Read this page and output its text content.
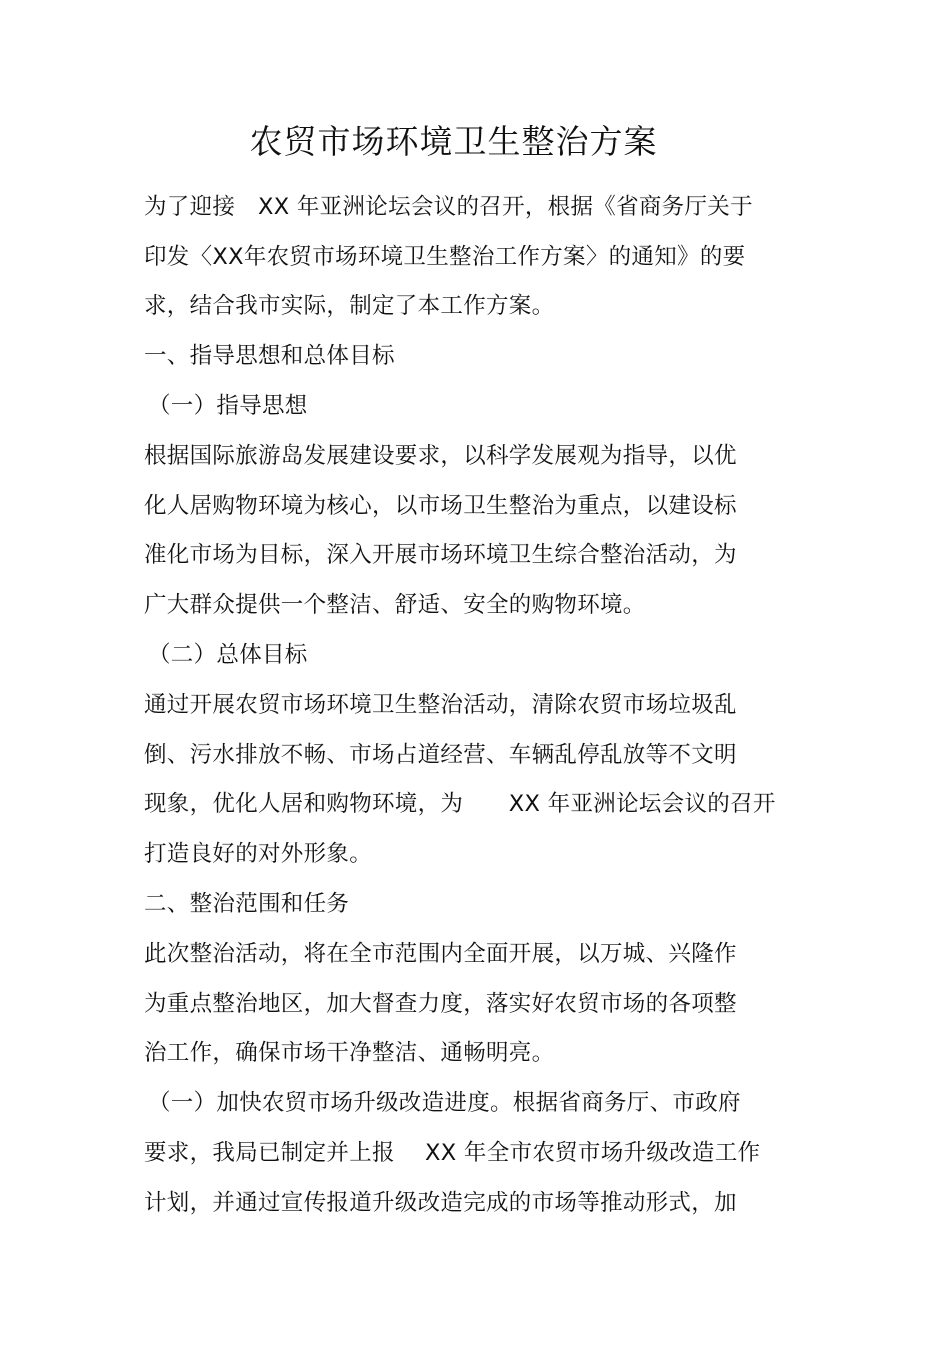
农贸市场环境卫生整治方案
为了迎接　XX 年亚洲论坛会议的召开，根据《省商务厅关于
印发〈XX年农贸市场环境卫生整治工作方案〉的通知》的要
求，结合我市实际，制定了本工作方案。
一、指导思想和总体目标
（一）指导思想
根据国际旅游岛发展建设要求，以科学发展观为指导，以优
化人居购物环境为核心，以市场卫生整治为重点，以建设标
准化市场为目标，深入开展市场环境卫生综合整治活动，为
广大群众提供一个整洁、舒适、安全的购物环境。
（二）总体目标
通过开展农贸市场环境卫生整治活动，清除农贸市场垃圾乱
倒、污水排放不畅、市场占道经营、车辆乱停乱放等不文明
现象，优化人居和购物环境，为　　XX 年亚洲论坛会议的召开
打造良好的对外形象。
二、整治范围和任务
此次整治活动，将在全市范围内全面开展，以万城、兴隆作
为重点整治地区，加大督查力度，落实好农贸市场的各项整
治工作，确保市场干净整洁、通畅明亮。
（一）加快农贸市场升级改造进度。根据省商务厅、市政府
要求，我局已制定并上报　 XX 年全市农贸市场升级改造工作
计划，并通过宣传报道升级改造完成的市场等推动形式，加
